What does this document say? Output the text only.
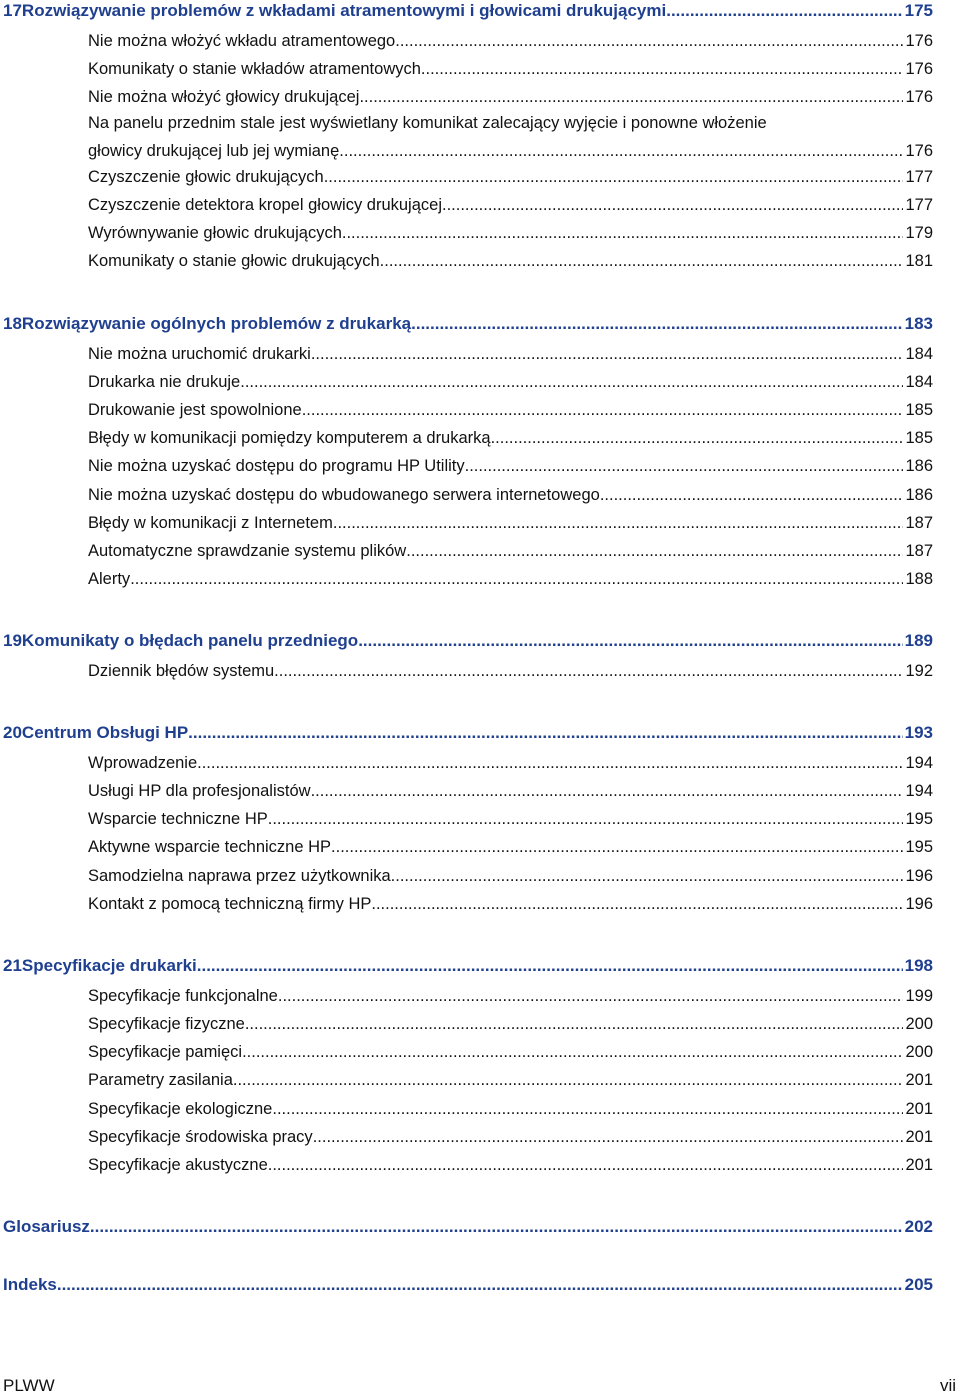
17 Rozwiązywanie problemów z wkładami atramentowymi i głowicami drukującymi .....	175
Nie można włożyć wkładu atramentowego .....	176
Komunikaty o stanie wkładów atramentowych .....	176
Nie można włożyć głowicy drukującej .....	176
Na panelu przednim stale jest wyświetlany komunikat zalecający wyjęcie i ponowne włożenie
głowicy drukującej lub jej wymianę .....	176
Czyszczenie głowic drukujących .....	177
Czyszczenie detektora kropel głowicy drukującej .....	177
Wyrównywanie głowic drukujących .....	179
Komunikaty o stanie głowic drukujących .....	181
18 Rozwiązywanie ogólnych problemów z drukarką .....	183
Nie można uruchomić drukarki .....	184
Drukarka nie drukuje .....	184
Drukowanie jest spowolnione .....	185
Błędy w komunikacji pomiędzy komputerem a drukarką .....	185
Nie można uzyskać dostępu do programu HP Utility .....	186
Nie można uzyskać dostępu do wbudowanego serwera internetowego .....	186
Błędy w komunikacji z Internetem .....	187
Automatyczne sprawdzanie systemu plików .....	187
Alerty .....	188
19 Komunikaty o błędach panelu przedniego .....	189
Dziennik błędów systemu .....	192
20 Centrum Obsługi HP .....	193
Wprowadzenie .....	194
Usługi HP dla profesjonalistów .....	194
Wsparcie techniczne HP .....	195
Aktywne wsparcie techniczne HP .....	195
Samodzielna naprawa przez użytkownika .....	196
Kontakt z pomocą techniczną firmy HP .....	196
21 Specyfikacje drukarki .....	198
Specyfikacje funkcjonalne .....	199
Specyfikacje fizyczne .....	200
Specyfikacje pamięci .....	200
Parametry zasilania .....	201
Specyfikacje ekologiczne .....	201
Specyfikacje środowiska pracy .....	201
Specyfikacje akustyczne .....	201
Glosariusz .....	202
Indeks .....	205
PLWW	vii
